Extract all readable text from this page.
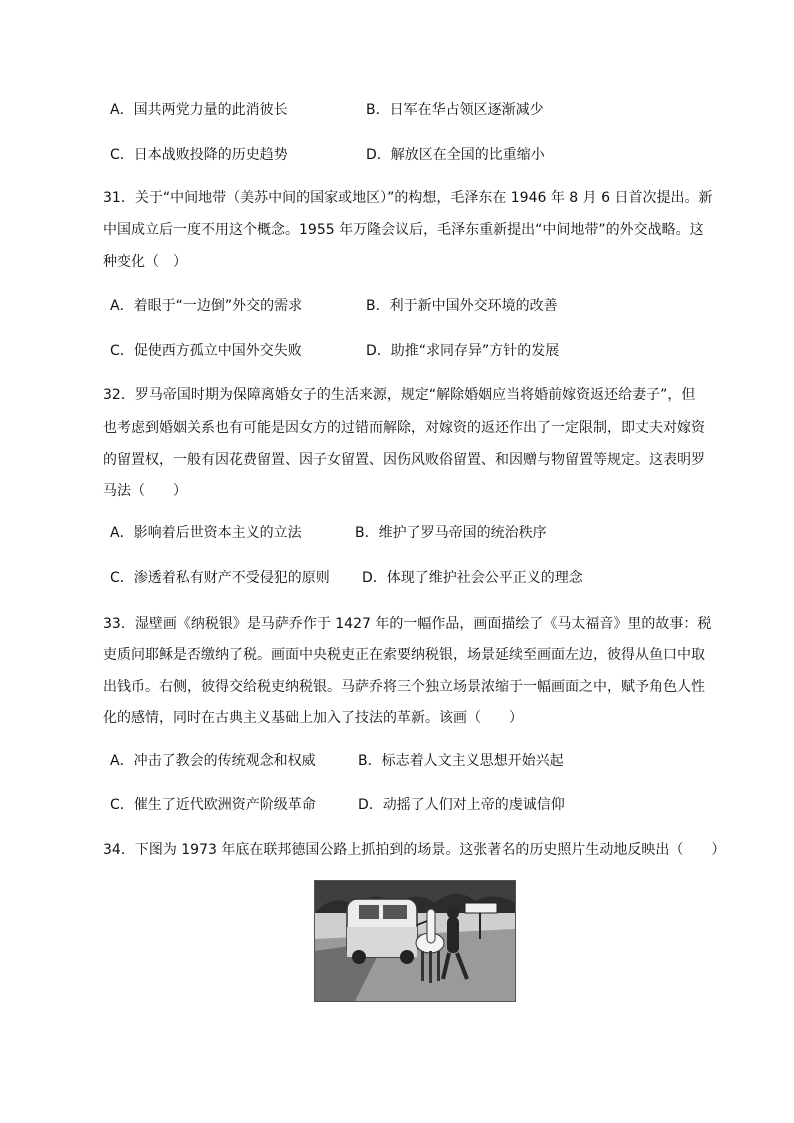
A．国共两党力量的此消彼长	B．日军在华占领区逐渐减少
C．日本战败投降的历史趋势	D．解放区在全国的比重缩小
31．关于“中间地带（美苏中间的国家或地区）”的构想，毛泽东在 1946 年 8 月 6 日首次提出。新
中国成立后一度不用这个概念。1955 年万隆会议后，毛泽东重新提出“中间地带”的外交战略。这
种变化（　）
A．着眼于“一边倒”外交的需求	B．利于新中国外交环境的改善
C．促使西方孤立中国外交失败	D．助推“求同存异”方针的发展
32．罗马帝国时期为保障离婚女子的生活来源，规定“解除婚姻应当将婚前嫁资返还给妻子”，但
也考虑到婚姻关系也有可能是因女方的过错而解除，对嫁资的返还作出了一定限制，即丈夫对嫁资
的留置权，一般有因花费留置、因子女留置、因伤风败俗留置、和因赠与物留置等规定。这表明罗
马法（　　）
A．影响着后世资本主义的立法	B．维护了罗马帝国的统治秩序
C．渗透着私有财产不受侵犯的原则 D．体现了维护社会公平正义的理念
33．湿壁画《纳税银》是马萨乔作于 1427 年的一幅作品，画面描绘了《马太福音》里的故事：税
吏质问耶稣是否缴纳了税。画面中央税吏正在索要纳税银，场景延续至画面左边，彼得从鱼口中取
出钱币。右侧，彼得交给税吏纳税银。马萨乔将三个独立场景浓缩于一幅画面之中，赋予角色人性
化的感情，同时在古典主义基础上加入了技法的革新。该画（　　）
A．冲击了教会的传统观念和权威	B．标志着人文主义思想开始兴起
C．催生了近代欧洲资产阶级革命	D．动摇了人们对上帝的虔诚信仰
34．下图为 1973 年底在联邦德国公路上抓拍到的场景。这张著名的历史照片生动地反映出（　　）
